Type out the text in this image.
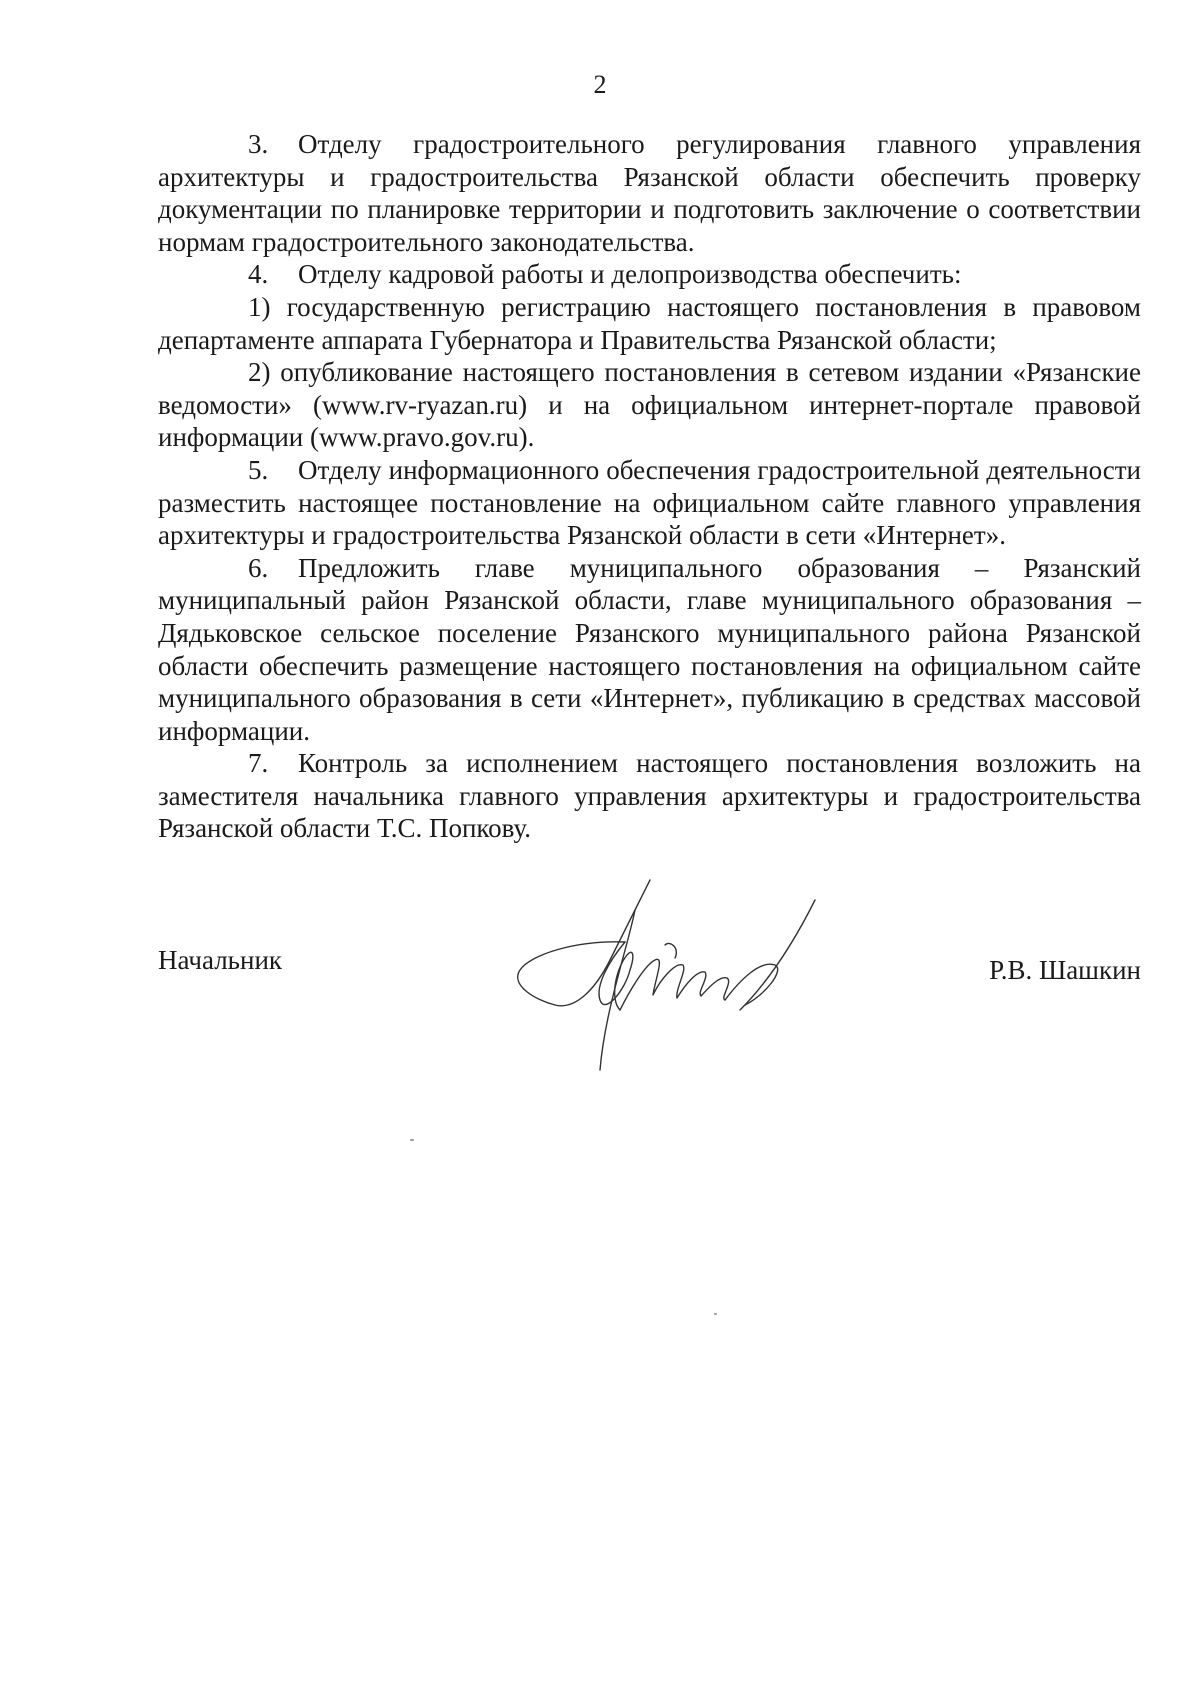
2

3. Отделу градостроительного регулирования главного управления архитектуры и градостроительства Рязанской области обеспечить проверку документации по планировке территории и подготовить заключение о соответствии нормам градостроительного законодательства.

4. Отделу кадровой работы и делопроизводства обеспечить:

1) государственную регистрацию настоящего постановления в правовом департаменте аппарата Губернатора и Правительства Рязанской области;

2) опубликование настоящего постановления в сетевом издании «Рязанские ведомости» (www.rv-ryazan.ru) и на официальном интернет-портале правовой информации (www.pravo.gov.ru).

5. Отделу информационного обеспечения градостроительной деятельности разместить настоящее постановление на официальном сайте главного управления архитектуры и градостроительства Рязанской области в сети «Интернет».

6. Предложить главе муниципального образования – Рязанский муниципальный район Рязанской области, главе муниципального образования – Дядьковское сельское поселение Рязанского муниципального района Рязанской области обеспечить размещение настоящего постановления на официальном сайте муниципального образования в сети «Интернет», публикацию в средствах массовой информации.

7. Контроль за исполнением настоящего постановления возложить на заместителя начальника главного управления архитектуры и градостроительства Рязанской области Т.С. Попкову.

Начальник	Р.В. Шашкин
